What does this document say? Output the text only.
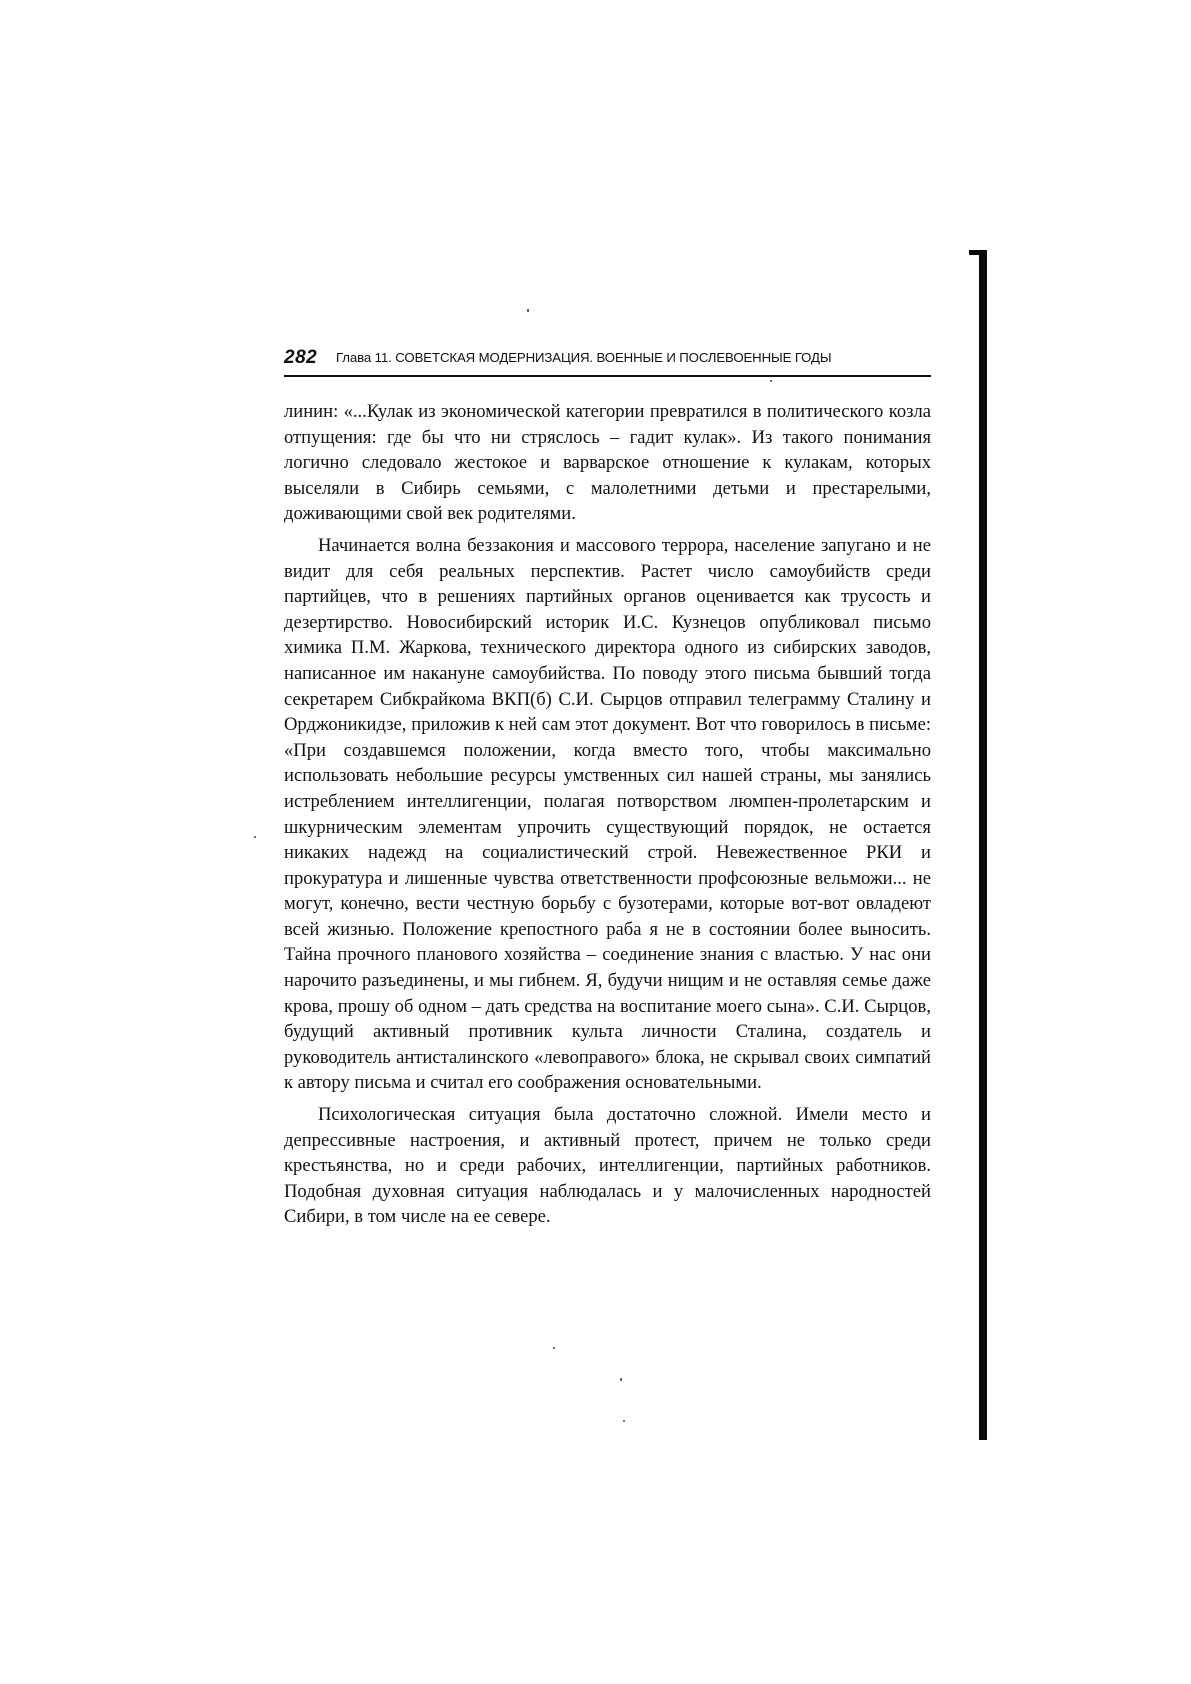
282 Глава 11. СОВЕТСКАЯ МОДЕРНИЗАЦИЯ. ВОЕННЫЕ И ПОСЛЕВОЕННЫЕ ГОДЫ

линин: «...Кулак из экономической категории превратился в политического козла отпущения: где бы что ни стряслось – гадит кулак». Из такого понимания логично следовало жестокое и варварское отношение к кулакам, которых выселяли в Сибирь семьями, с малолетними детьми и престарелыми, доживающими свой век родителями.

Начинается волна беззакония и массового террора, население запугано и не видит для себя реальных перспектив. Растет число самоубийств среди партийцев, что в решениях партийных органов оценивается как трусость и дезертирство. Новосибирский историк И.С. Кузнецов опубликовал письмо химика П.М. Жаркова, технического директора одного из сибирских заводов, написанное им накануне самоубийства. По поводу этого письма бывший тогда секретарем Сибкрайкома ВКП(б) С.И. Сырцов отправил телеграмму Сталину и Орджоникидзе, приложив к ней сам этот документ. Вот что говорилось в письме: «При создавшемся положении, когда вместо того, чтобы максимально использовать небольшие ресурсы умственных сил нашей страны, мы занялись истреблением интеллигенции, полагая потворством люмпен-пролетарским и шкурническим элементам упрочить существующий порядок, не остается никаких надежд на социалистический строй. Невежественное РКИ и прокуратура и лишенные чувства ответственности профсоюзные вельможи... не могут, конечно, вести честную борьбу с бузотерами, которые вот-вот овладеют всей жизнью. Положение крепостного раба я не в состоянии более выносить. Тайна прочного планового хозяйства – соединение знания с властью. У нас они нарочито разъединены, и мы гибнем. Я, будучи нищим и не оставляя семье даже крова, прошу об одном – дать средства на воспитание моего сына». С.И. Сырцов, будущий активный противник культа личности Сталина, создатель и руководитель антисталинского «левоправого» блока, не скрывал своих симпатий к автору письма и считал его соображения основательными.

Психологическая ситуация была достаточно сложной. Имели место и депрессивные настроения, и активный протест, причем не только среди крестьянства, но и среди рабочих, интеллигенции, партийных работников. Подобная духовная ситуация наблюдалась и у малочисленных народностей Сибири, в том числе на ее севере.
